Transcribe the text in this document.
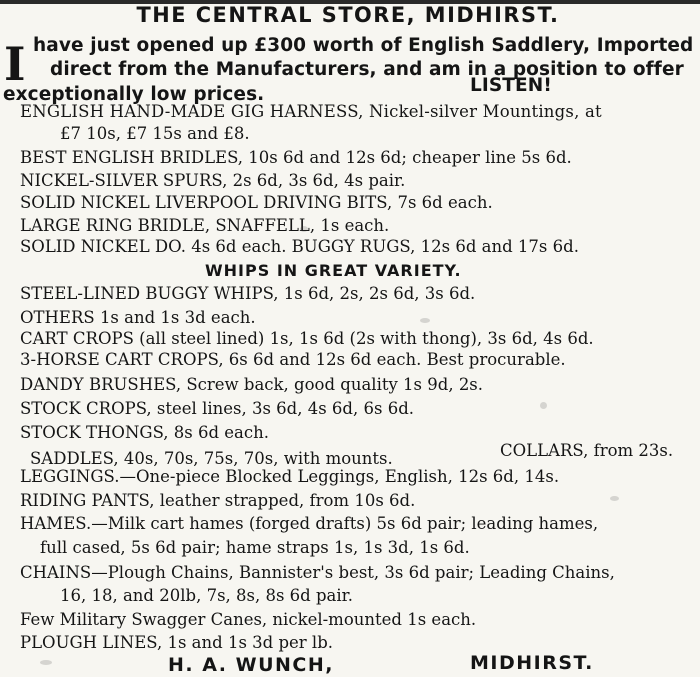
THE CENTRAL STORE, MIDHIRST.
I have just opened up £300 worth of English Saddlery, Imported
direct from the Manufacturers, and am in a position to offer
LISTEN!
exceptionally low prices.
ENGLISH HAND-MADE GIG HARNESS, Nickel-silver Mountings, at
£7 10s, £7 15s and £8.
BEST ENGLISH BRIDLES, 10s 6d and 12s 6d; cheaper line 5s 6d.
NICKEL-SILVER SPURS, 2s 6d, 3s 6d, 4s pair.
SOLID NICKEL LIVERPOOL DRIVING BITS, 7s 6d each.
LARGE RING BRIDLE, SNAFFELL, 1s each.
SOLID NICKEL DO. 4s 6d each. BUGGY RUGS, 12s 6d and 17s 6d.
WHIPS IN GREAT VARIETY.
STEEL-LINED BUGGY WHIPS, 1s 6d, 2s, 2s 6d, 3s 6d.
OTHERS 1s and 1s 3d each.
CART CROPS (all steel lined) 1s, 1s 6d (2s with thong), 3s 6d, 4s 6d.
3-HORSE CART CROPS, 6s 6d and 12s 6d each. Best procurable.
DANDY BRUSHES, Screw back, good quality 1s 9d, 2s.
STOCK CROPS, steel lines, 3s 6d, 4s 6d, 6s 6d.
STOCK THONGS, 8s 6d each.
SADDLES, 40s, 70s, 75s, 70s, with mounts.	COLLARS, from 23s.
LEGGINGS.—One-piece Blocked Leggings, English, 12s 6d, 14s.
RIDING PANTS, leather strapped, from 10s 6d.
HAMES.—Milk cart hames (forged drafts) 5s 6d pair; leading hames,
full cased, 5s 6d pair; hame straps 1s, 1s 3d, 1s 6d.
CHAINS—Plough Chains, Bannister's best, 3s 6d pair; Leading Chains,
16, 18, and 20lb, 7s, 8s, 8s 6d pair.
Few Military Swagger Canes, nickel-mounted 1s each.
PLOUGH LINES, 1s and 1s 3d per lb.
H. A. WUNCH,	MIDHIRST.
